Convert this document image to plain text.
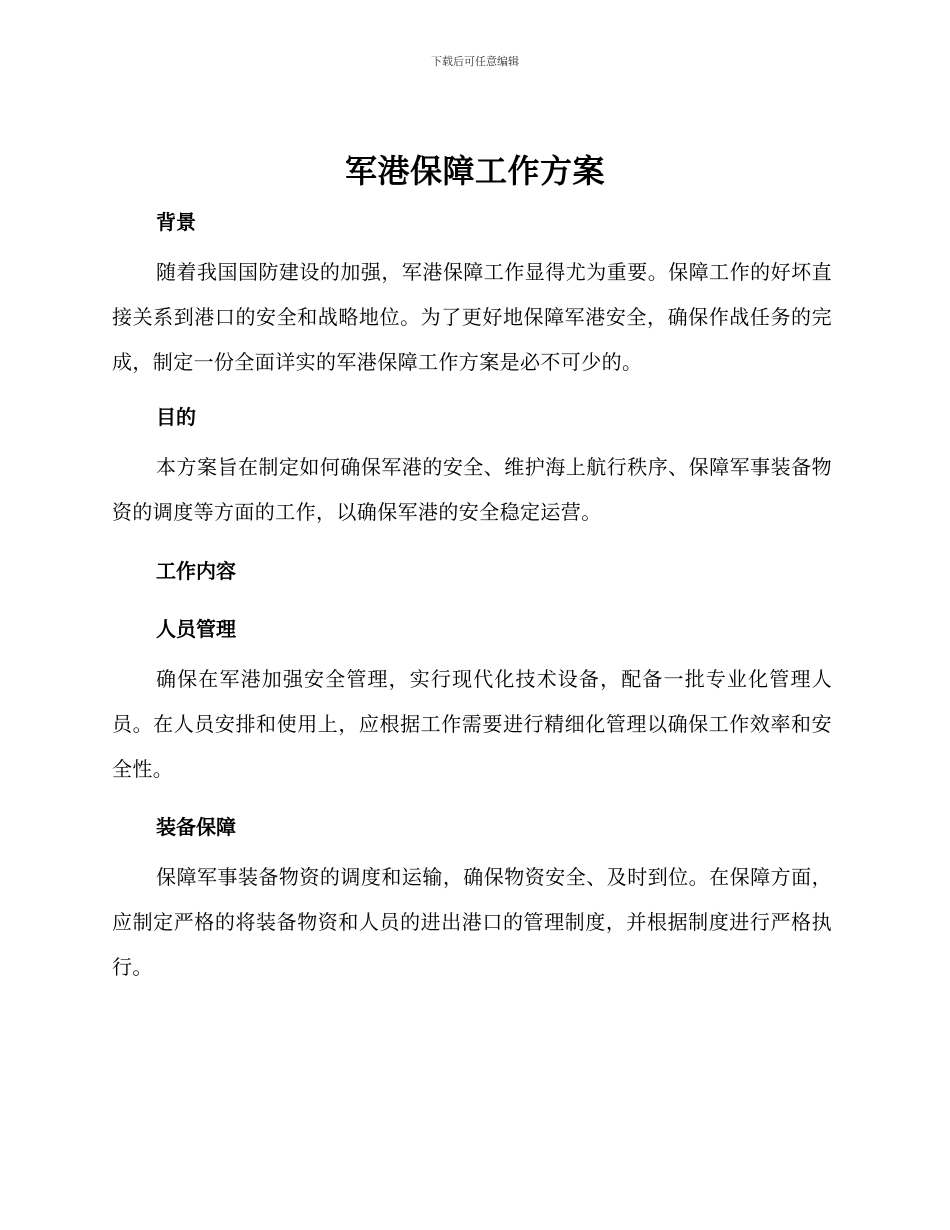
下载后可任意编辑
军港保障工作方案

背景

随着我国国防建设的加强，军港保障工作显得尤为重要。保障工作的好坏直接关系到港口的安全和战略地位。为了更好地保障军港安全，确保作战任务的完成，制定一份全面详实的军港保障工作方案是必不可少的。

目的

本方案旨在制定如何确保军港的安全、维护海上航行秩序、保障军事装备物资的调度等方面的工作，以确保军港的安全稳定运营。

工作内容

人员管理

确保在军港加强安全管理，实行现代化技术设备，配备一批专业化管理人员。在人员安排和使用上，应根据工作需要进行精细化管理以确保工作效率和安全性。

装备保障

保障军事装备物资的调度和运输，确保物资安全、及时到位。在保障方面，应制定严格的将装备物资和人员的进出港口的管理制度，并根据制度进行严格执行。
